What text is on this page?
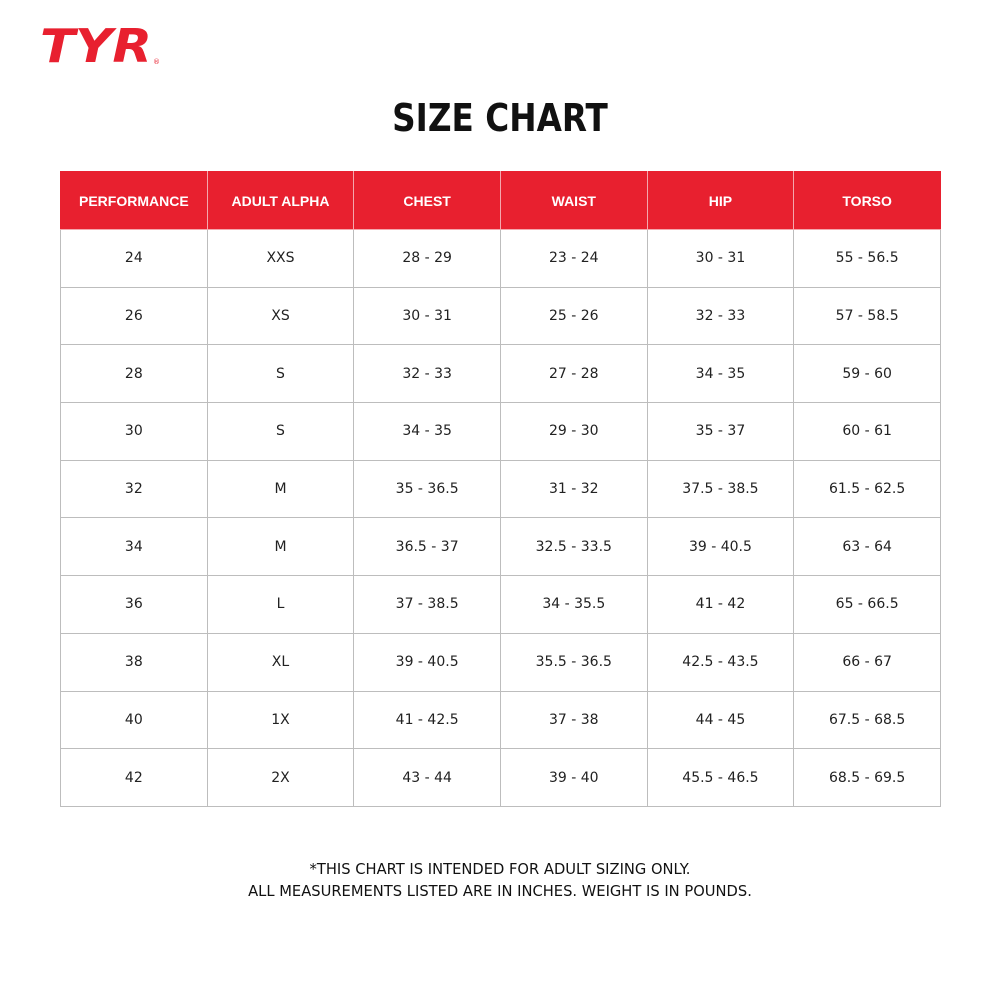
TYR ®
SIZE CHART
PERFORMANCE	ADULT ALPHA	CHEST	WAIST	HIP	TORSO
24	XXS	28 - 29	23 - 24	30 - 31	55 - 56.5
26	XS	30 - 31	25 - 26	32 - 33	57 - 58.5
28	S	32 - 33	27 - 28	34 - 35	59 - 60
30	S	34 - 35	29 - 30	35 - 37	60 - 61
32	M	35 - 36.5	31 - 32	37.5 - 38.5	61.5 - 62.5
34	M	36.5 - 37	32.5 - 33.5	39 - 40.5	63 - 64
36	L	37 - 38.5	34 - 35.5	41 - 42	65 - 66.5
38	XL	39 - 40.5	35.5 - 36.5	42.5 - 43.5	66 - 67
40	1X	41 - 42.5	37 - 38	44 - 45	67.5 - 68.5
42	2X	43 - 44	39 - 40	45.5 - 46.5	68.5 - 69.5
*THIS CHART IS INTENDED FOR ADULT SIZING ONLY.
ALL MEASUREMENTS LISTED ARE IN INCHES. WEIGHT IS IN POUNDS.
